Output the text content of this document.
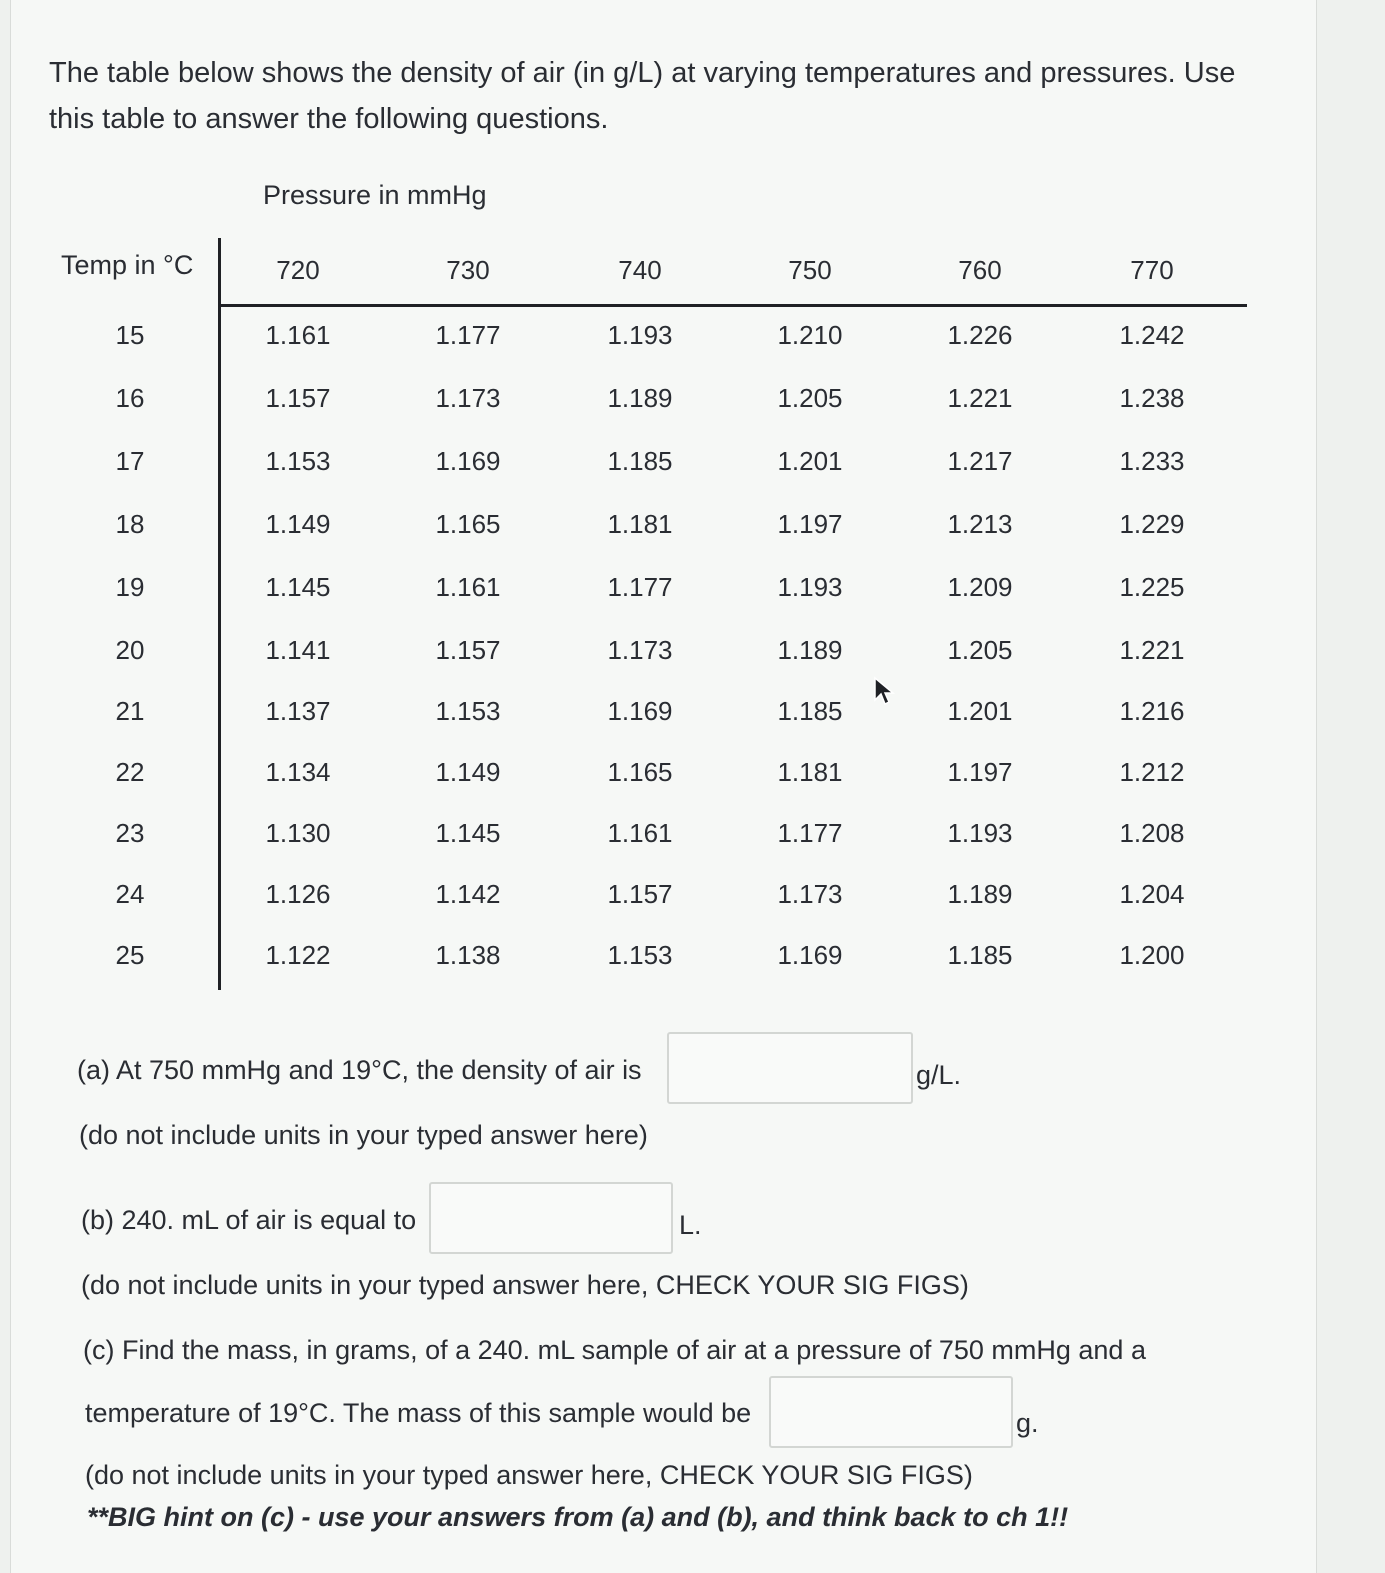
The table below shows the density of air (in g/L) at varying temperatures and pressures. Use this table to answer the following questions.
Pressure in mmHg
Temp in °C	720	730	740	750	760	770
15	1.161	1.177	1.193	1.210	1.226	1.242
16	1.157	1.173	1.189	1.205	1.221	1.238
17	1.153	1.169	1.185	1.201	1.217	1.233
18	1.149	1.165	1.181	1.197	1.213	1.229
19	1.145	1.161	1.177	1.193	1.209	1.225
20	1.141	1.157	1.173	1.189	1.205	1.221
21	1.137	1.153	1.169	1.185	1.201	1.216
22	1.134	1.149	1.165	1.181	1.197	1.212
23	1.130	1.145	1.161	1.177	1.193	1.208
24	1.126	1.142	1.157	1.173	1.189	1.204
25	1.122	1.138	1.153	1.169	1.185	1.200
(a) At 750 mmHg and 19°C, the density of air is	g/L.
(do not include units in your typed answer here)
(b) 240. mL of air is equal to	L.
(do not include units in your typed answer here, CHECK YOUR SIG FIGS)
(c) Find the mass, in grams, of a 240. mL sample of air at a pressure of 750 mmHg and a
temperature of 19°C. The mass of this sample would be	g.
(do not include units in your typed answer here, CHECK YOUR SIG FIGS)
**BIG hint on (c) - use your answers from (a) and (b), and think back to ch 1!!
